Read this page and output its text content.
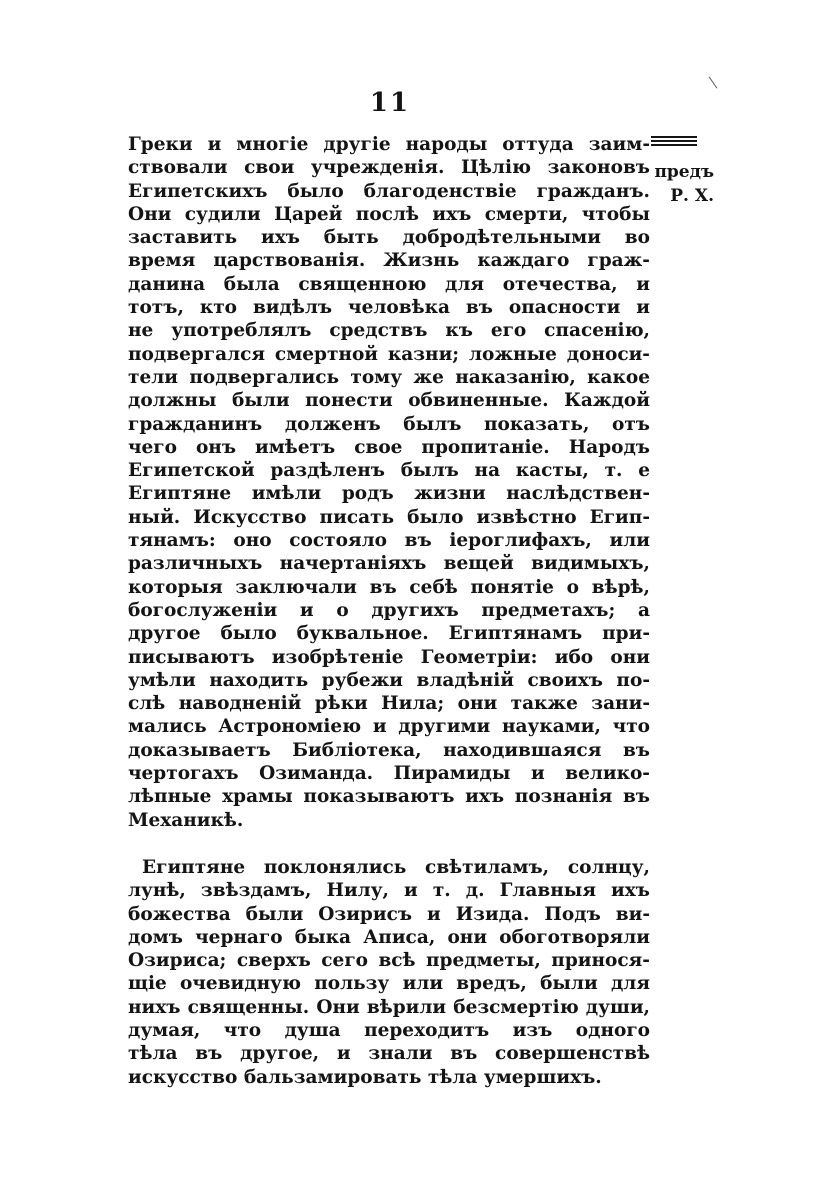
11
предъ
Р. Х.
Греки и многіе другіе народы оттуда заим-
ствовали свои учрежденія. Цѣлію законовъ
Египетскихъ было благоденствіе гражданъ.
Они судили Царей послѣ ихъ смерти, чтобы
заставить ихъ быть добродѣтельными во
время царствованія. Жизнь каждаго граж-
данина была священною для отечества, и
тотъ, кто видѣлъ человѣка въ опасности и
не употреблялъ средствъ къ его спасенію,
подвергался смертной казни; ложные доноси-
тели подвергались тому же наказанію, какое
должны были понести обвиненные. Каждой
гражданинъ долженъ былъ показать, отъ
чего онъ имѣетъ свое пропитаніе. Народъ
Египетской раздѣленъ былъ на касты, т. е
Египтяне имѣли родъ жизни наслѣдствен-
ный. Искусство писать было извѣстно Егип-
тянамъ: оно состояло въ іероглифахъ, или
различныхъ начертаніяхъ вещей видимыхъ,
которыя заключали въ себѣ понятіе о вѣрѣ,
богослуженіи и о другихъ предметахъ; а
другое было буквальное. Египтянамъ при-
писываютъ изобрѣтеніе Геометріи: ибо они
умѣли находить рубежи владѣній своихъ по-
слѣ наводненій рѣки Нила; они также зани-
мались Астрономіею и другими науками, что
доказываетъ Библіотека, находившаяся въ
чертогахъ Озиманда. Пирамиды и велико-
лѣпные храмы показываютъ ихъ познанія въ
Механикѣ.
Египтяне поклонялись свѣтиламъ, солнцу,
лунѣ, звѣздамъ, Нилу, и т. д. Главныя ихъ
божества были Озирисъ и Изида. Подъ ви-
домъ чернаго быка Аписа, они обоготворяли
Озириса; сверхъ сего всѣ предметы, принося-
щіе очевидную пользу или вредъ, были для
нихъ священны. Они вѣрили безсмертію души,
думая, что душа переходитъ изъ одного
тѣла въ другое, и знали въ совершенствѣ
искусство бальзамировать тѣла умершихъ.
